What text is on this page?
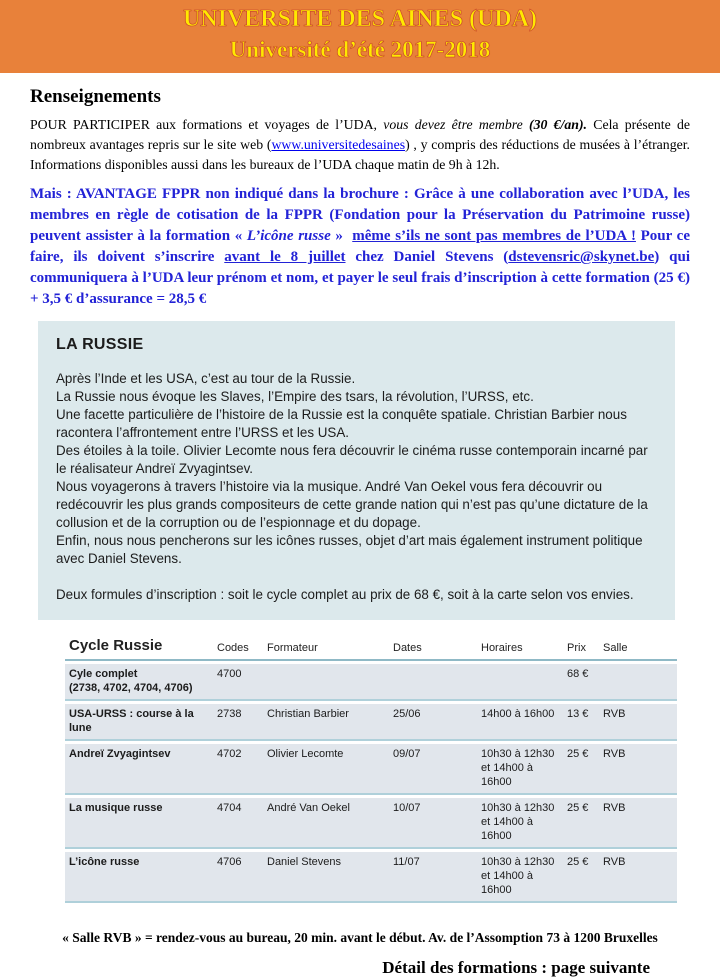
UNIVERSITE DES AINES (UDA)
Université d’été 2017-2018
Renseignements

POUR PARTICIPER aux formations et voyages de l’UDA, vous devez être membre (30 €/an). Cela présente de nombreux avantages repris sur le site web (www.universitedesaines) , y compris des réductions de musées à l’étranger. Informations disponibles aussi dans les bureaux de l’UDA chaque matin de 9h à 12h.

Mais : AVANTAGE FPPR non indiqué dans la brochure : Grâce à une collaboration avec l’UDA, les membres en règle de cotisation de la FPPR (Fondation pour la Préservation du Patrimoine russe) peuvent assister à la formation « L’icône russe »  même s’ils ne sont pas membres de l’UDA ! Pour ce faire, ils doivent s’inscrire avant le 8 juillet chez Daniel Stevens (dstevensric@skynet.be) qui communiquera à l’UDA leur prénom et nom, et payer le seul frais d’inscription à cette formation (25 €) + 3,5 € d’assurance = 28,5 €

LA RUSSIE

Après l’Inde et les USA, c’est au tour de la Russie.

La Russie nous évoque les Slaves, l’Empire des tsars, la révolution, l’URSS, etc.

Une facette particulière de l’histoire de la Russie est la conquête spatiale. Christian Barbier nous racontera l’affrontement entre l’URSS et les USA.

Des étoiles à la toile. Olivier Lecomte nous fera découvrir le cinéma russe contemporain incarné par le réalisateur Andreï Zvyagintsev.

Nous voyagerons à travers l’histoire via la musique. André Van Oekel vous fera découvrir ou redécouvrir les plus grands compositeurs de cette grande nation qui n’est pas qu’une dictature de la collusion et de la corruption ou de l’espionnage et du dopage.

Enfin, nous nous pencherons sur les icônes russes, objet d’art mais également instrument politique avec Daniel Stevens.

Deux formules d’inscription : soit le cycle complet au prix de 68 €, soit à la carte selon vos envies.

Cycle Russie	Codes	Formateur	Dates	Horaires	Prix	Salle
Cyle complet
(2738, 4702, 4704, 4706)	4700				68 €	
USA-URSS : course à la lune	2738	Christian Barbier	25/06	14h00 à 16h00	13 €	RVB
Andreï Zvyagintsev	4702	Olivier Lecomte	09/07	10h30 à 12h30 et 14h00 à 16h00	25 €	RVB
La musique russe	4704	André Van Oekel	10/07	10h30 à 12h30 et 14h00 à 16h00	25 €	RVB
L’icône russe	4706	Daniel Stevens	11/07	10h30 à 12h30 et 14h00 à 16h00	25 €	RVB
« Salle RVB » = rendez-vous au bureau, 20 min. avant le début. Av. de l’Assomption 73 à 1200 Bruxelles
Détail des formations : page suivante
